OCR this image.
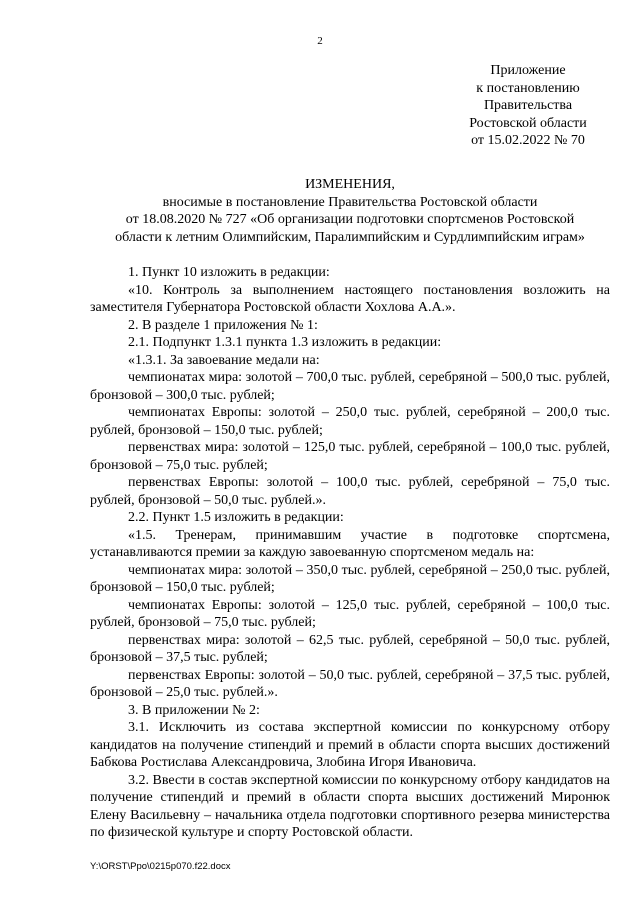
2
Приложение
к постановлению
Правительства
Ростовской области
от 15.02.2022 № 70
ИЗМЕНЕНИЯ,
вносимые в постановление Правительства Ростовской области
от 18.08.2020 № 727 «Об организации подготовки спортсменов Ростовской
области к летним Олимпийским, Паралимпийским и Сурдлимпийским играм»

1. Пункт 10 изложить в редакции:

«10. Контроль за выполнением настоящего постановления возложить на заместителя Губернатора Ростовской области Хохлова А.А.».

2. В разделе 1 приложения № 1:

2.1. Подпункт 1.3.1 пункта 1.3 изложить в редакции:

«1.3.1. За завоевание медали на:

чемпионатах мира: золотой – 700,0 тыс. рублей, серебряной – 500,0 тыс. рублей, бронзовой – 300,0 тыс. рублей;

чемпионатах Европы: золотой – 250,0 тыс. рублей, серебряной – 200,0 тыс. рублей, бронзовой – 150,0 тыс. рублей;

первенствах мира: золотой – 125,0 тыс. рублей, серебряной – 100,0 тыс. рублей, бронзовой – 75,0 тыс. рублей;

первенствах Европы: золотой – 100,0 тыс. рублей, серебряной – 75,0 тыс. рублей, бронзовой – 50,0 тыс. рублей.».

2.2. Пункт 1.5 изложить в редакции:

«1.5. Тренерам, принимавшим участие в подготовке спортсмена, устанавливаются премии за каждую завоеванную спортсменом медаль на:

чемпионатах мира: золотой – 350,0 тыс. рублей, серебряной – 250,0 тыс. рублей, бронзовой – 150,0 тыс. рублей;

чемпионатах Европы: золотой – 125,0 тыс. рублей, серебряной – 100,0 тыс. рублей, бронзовой – 75,0 тыс. рублей;

первенствах мира: золотой – 62,5 тыс. рублей, серебряной – 50,0 тыс. рублей, бронзовой – 37,5 тыс. рублей;

первенствах Европы: золотой – 50,0 тыс. рублей, серебряной – 37,5 тыс. рублей, бронзовой – 25,0 тыс. рублей.».

3. В приложении № 2:

3.1. Исключить из состава экспертной комиссии по конкурсному отбору кандидатов на получение стипендий и премий в области спорта высших достижений Бабкова Ростислава Александровича, Злобина Игоря Ивановича.

3.2. Ввести в состав экспертной комиссии по конкурсному отбору кандидатов на получение стипендий и премий в области спорта высших достижений Миронюк Елену Васильевну – начальника отдела подготовки спортивного резерва министерства по физической культуре и спорту Ростовской области.

Y:\ORST\Ppo\0215p070.f22.docx
